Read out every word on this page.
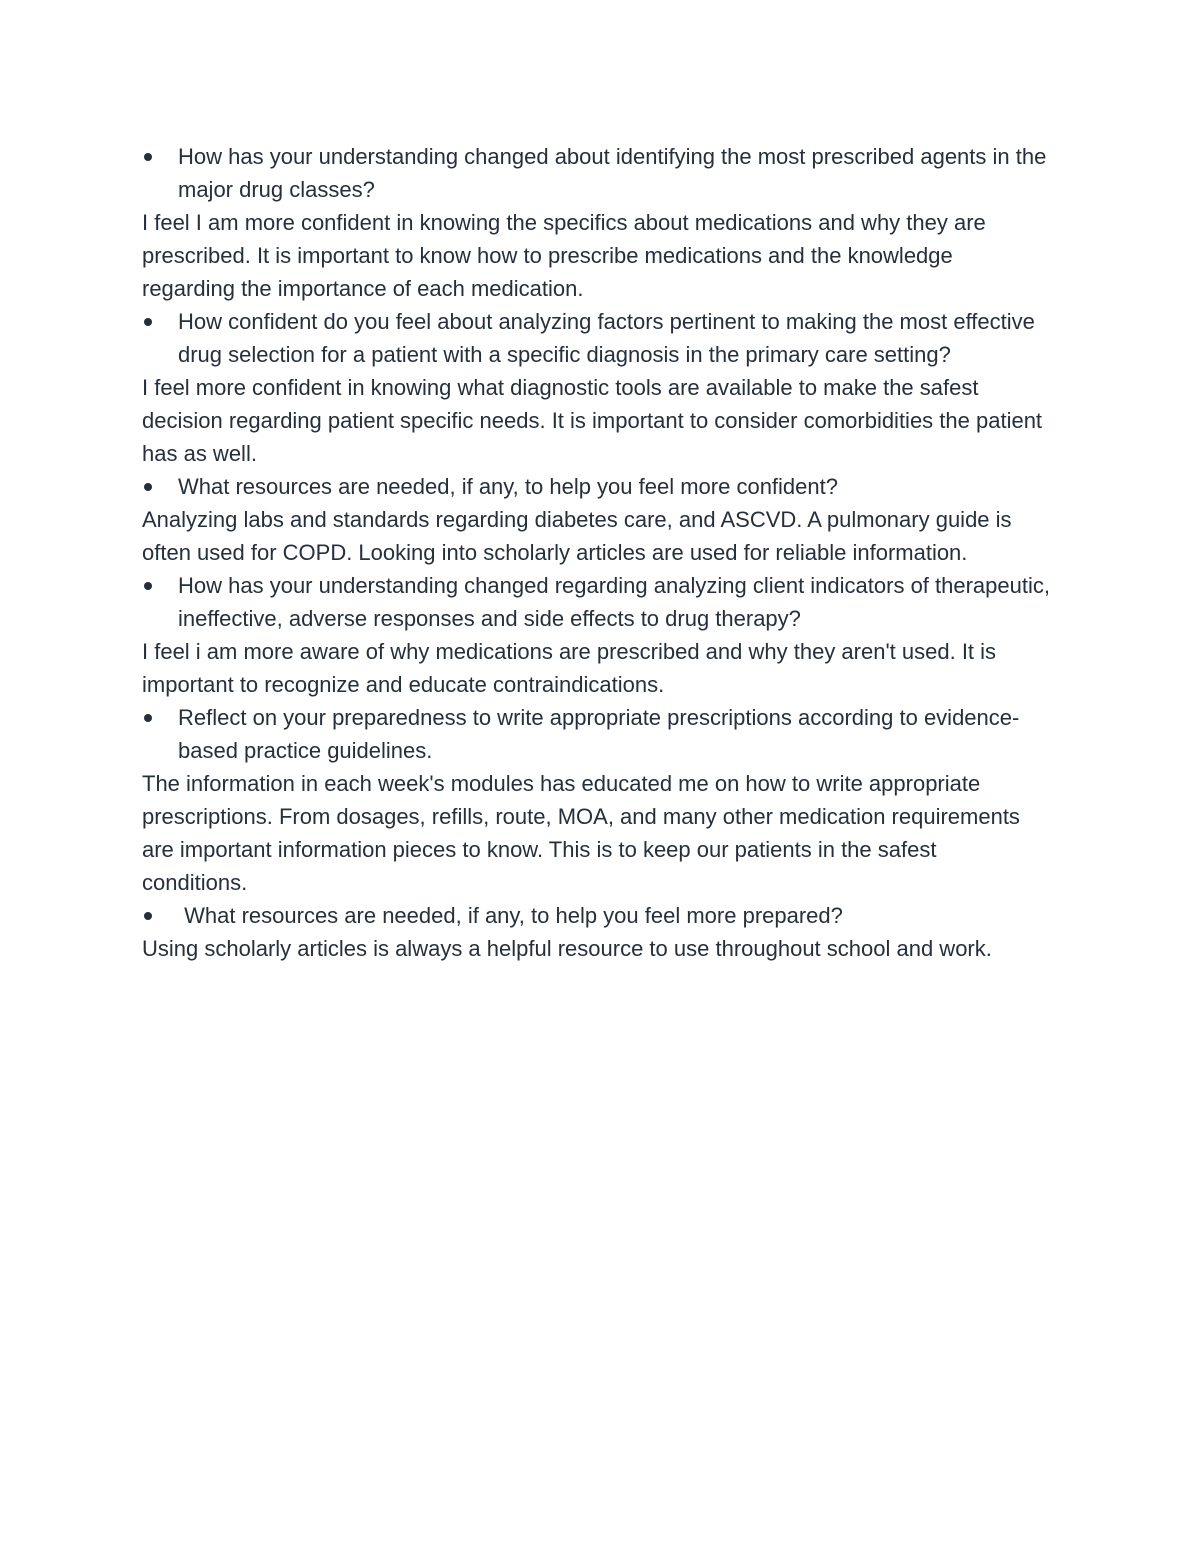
How has your understanding changed about identifying the most prescribed agents in the major drug classes?

I feel I am more confident in knowing the specifics about medications and why they are prescribed. It is important to know how to prescribe medications and the knowledge regarding the importance of each medication.

How confident do you feel about analyzing factors pertinent to making the most effective drug selection for a patient with a specific diagnosis in the primary care setting?

I feel more confident in knowing what diagnostic tools are available to make the safest decision regarding patient specific needs. It is important to consider comorbidities the patient has as well.

What resources are needed, if any, to help you feel more confident?

Analyzing labs and standards regarding diabetes care, and ASCVD. A pulmonary guide is often used for COPD. Looking into scholarly articles are used for reliable information.

How has your understanding changed regarding analyzing client indicators of therapeutic, ineffective, adverse responses and side effects to drug therapy?

I feel i am more aware of why medications are prescribed and why they aren't used. It is important to recognize and educate contraindications.

Reflect on your preparedness to write appropriate prescriptions according to evidence-based practice guidelines.

The information in each week's modules has educated me on how to write appropriate prescriptions. From dosages, refills, route, MOA, and many other medication requirements are important information pieces to know. This is to keep our patients in the safest conditions.

What resources are needed, if any, to help you feel more prepared?

Using scholarly articles is always a helpful resource to use throughout school and work.
